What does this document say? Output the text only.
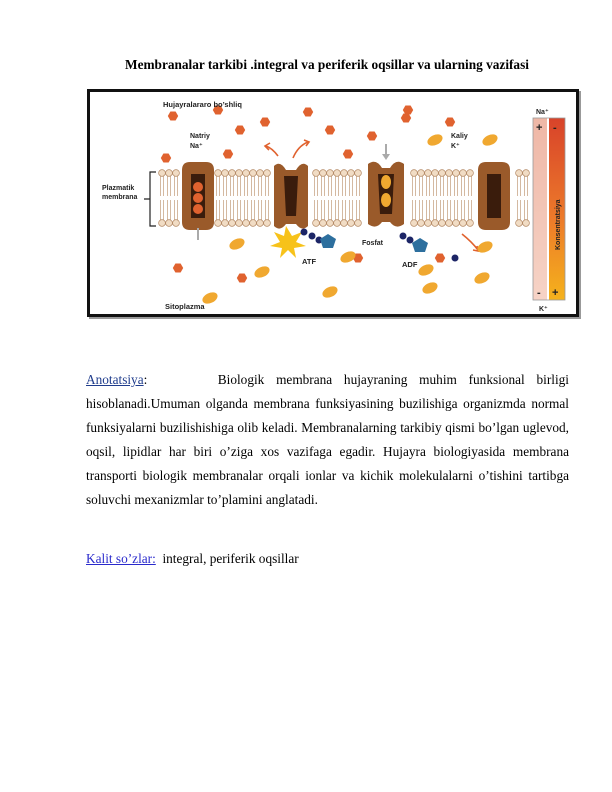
Membranalar tarkibi .integral va periferik oqsillar va ularning vazifasi
Hujayralararo bo’shliq
Natriy
Na⁺
Kaliy
K⁺
Plazmatik
membrana
Fosfat
ATF	ADF
Sitoplazma
+ -
- +
Konsentratsiya
Na⁺
K⁺
Anotatsiya:	Biologik membrana hujayraning muhim funksional birligi hisoblanadi.Umuman olganda membrana funksiyasining buzilishiga organizmda normal funksiyalarni buzilishishiga olib keladi. Membranalarning tarkibiy qismi bo’lgan uglevod, oqsil, lipidlar har biri o’ziga xos vazifaga egadir. Hujayra biologiyasida membrana transporti biologik membranalar orqali ionlar va kichik molekulalarni o’tishini tartibga soluvchi mexanizmlar to’plamini anglatadi.
Kalit so’zlar: integral, periferik oqsillar
